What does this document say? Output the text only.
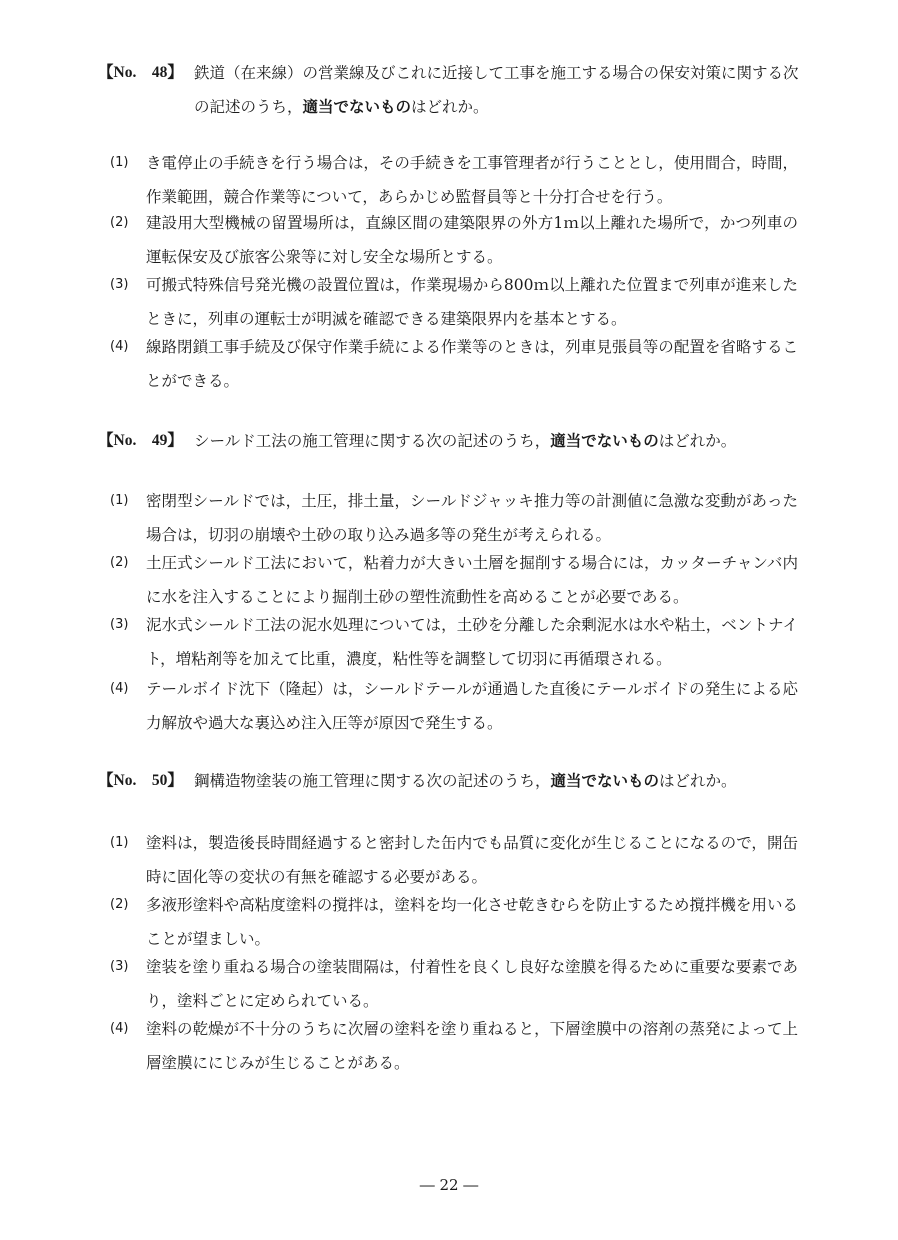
【No.　48】 鉄道（在来線）の営業線及びこれに近接して工事を施工する場合の保安対策に関する次の記述のうち，適当でないものはどれか。
(1) き電停止の手続きを行う場合は，その手続きを工事管理者が行うこととし，使用間合，時間，作業範囲，競合作業等について，あらかじめ監督員等と十分打合せを行う。
(2) 建設用大型機械の留置場所は，直線区間の建築限界の外方1ｍ以上離れた場所で，かつ列車の運転保安及び旅客公衆等に対し安全な場所とする。
(3) 可搬式特殊信号発光機の設置位置は，作業現場から800ｍ以上離れた位置まで列車が進来したときに，列車の運転士が明滅を確認できる建築限界内を基本とする。
(4) 線路閉鎖工事手続及び保守作業手続による作業等のときは，列車見張員等の配置を省略することができる。
【No.　49】 シールド工法の施工管理に関する次の記述のうち，適当でないものはどれか。
(1) 密閉型シールドでは，土圧，排土量，シールドジャッキ推力等の計測値に急激な変動があった場合は，切羽の崩壊や土砂の取り込み過多等の発生が考えられる。
(2) 土圧式シールド工法において，粘着力が大きい土層を掘削する場合には，カッターチャンバ内に水を注入することにより掘削土砂の塑性流動性を高めることが必要である。
(3) 泥水式シールド工法の泥水処理については，土砂を分離した余剰泥水は水や粘土，ベントナイト，増粘剤等を加えて比重，濃度，粘性等を調整して切羽に再循環される。
(4) テールボイド沈下（隆起）は，シールドテールが通過した直後にテールボイドの発生による応力解放や過大な裏込め注入圧等が原因で発生する。
【No.　50】 鋼構造物塗装の施工管理に関する次の記述のうち，適当でないものはどれか。
(1) 塗料は，製造後長時間経過すると密封した缶内でも品質に変化が生じることになるので，開缶時に固化等の変状の有無を確認する必要がある。
(2) 多液形塗料や高粘度塗料の撹拌は，塗料を均一化させ乾きむらを防止するため撹拌機を用いることが望ましい。
(3) 塗装を塗り重ねる場合の塗装間隔は，付着性を良くし良好な塗膜を得るために重要な要素であり，塗料ごとに定められている。
(4) 塗料の乾燥が不十分のうちに次層の塗料を塗り重ねると，下層塗膜中の溶剤の蒸発によって上層塗膜ににじみが生じることがある。
― 22 ―
